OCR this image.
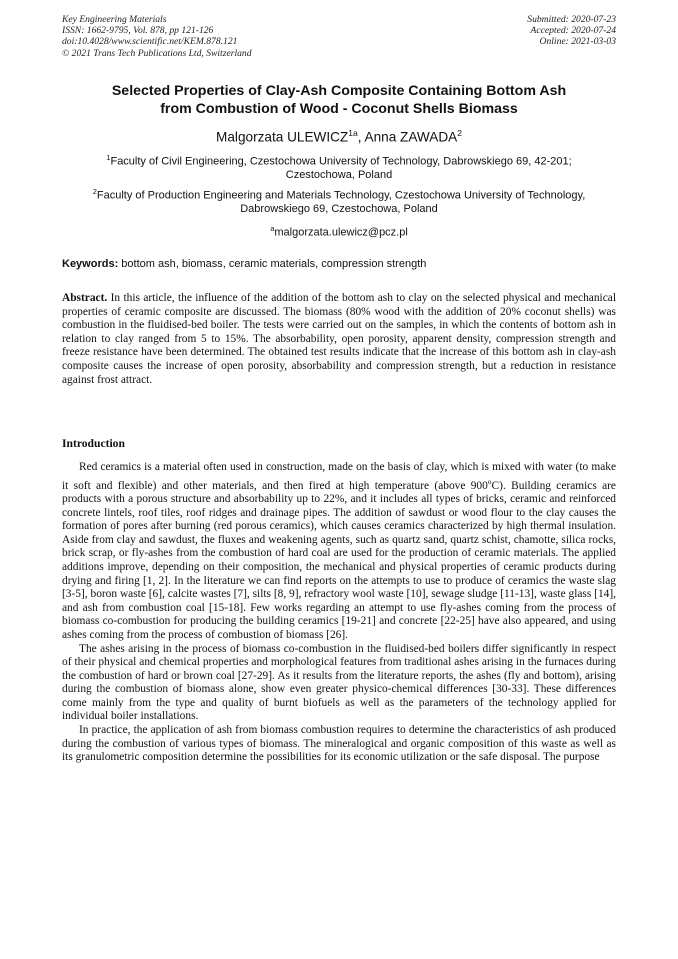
Key Engineering Materials
ISSN: 1662-9795, Vol. 878, pp 121-126
doi:10.4028/www.scientific.net/KEM.878.121
© 2021 Trans Tech Publications Ltd, Switzerland
Submitted: 2020-07-23
Accepted: 2020-07-24
Online: 2021-03-03
Selected Properties of Clay-Ash Composite Containing Bottom Ash
from Combustion of Wood - Coconut Shells Biomass
Malgorzata $ULEWICZ^{1a}$, Anna ZAWADA$^2$
$^1$Faculty of Civil Engineering, Czestochowa University of Technology, Dabrowskiego 69, 42-201; Czestochowa, Poland
$^2$Faculty of Production Engineering and Materials Technology, Czestochowa University of Technology, Dabrowskiego 69, Czestochowa, Poland
$^a$malgorzata.ulewicz@pcz.pl
Keywords: bottom ash, biomass, ceramic materials, compression strength
Abstract. In this article, the influence of the addition of the bottom ash to clay on the selected physical and mechanical properties of ceramic composite are discussed. The biomass (80% wood with the addition of 20% coconut shells) was combustion in the fluidised-bed boiler. The tests were carried out on the samples, in which the contents of bottom ash in relation to clay ranged from 5 to 15%. The absorbability, open porosity, apparent density, compression strength and freeze resistance have been determined. The obtained test results indicate that the increase of this bottom ash in clay-ash composite causes the increase of open porosity, absorbability and compression strength, but a reduction in resistance against frost attract.
Introduction

Red ceramics is a material often used in construction, made on the basis of clay, which is mixed with water (to make it soft and flexible) and other materials, and then fired at high temperature (above 900$^o$C). Building ceramics are products with a porous structure and absorbability up to 22%, and it includes all types of bricks, ceramic and reinforced concrete lintels, roof tiles, roof ridges and drainage pipes. The addition of sawdust or wood flour to the clay causes the formation of pores after burning (red porous ceramics), which causes ceramics characterized by high thermal insulation. Aside from clay and sawdust, the fluxes and weakening agents, such as quartz sand, quartz schist, chamotte, silica rocks, brick scrap, or fly-ashes from the combustion of hard coal are used for the production of ceramic materials. The applied additions improve, depending on their composition, the mechanical and physical properties of ceramic products during drying and firing [1, 2]. In the literature we can find reports on the attempts to use to produce of ceramics the waste slag [3-5], boron waste [6], calcite wastes [7], silts [8, 9], refractory wool waste [10], sewage sludge [11-13], waste glass [14], and ash from combustion coal [15-18]. Few works regarding an attempt to use fly-ashes coming from the process of biomass co-combustion for producing the building ceramics [19-21] and concrete [22-25] have also appeared, and using ashes coming from the process of combustion of biomass [26].

The ashes arising in the process of biomass co-combustion in the fluidised-bed boilers differ significantly in respect of their physical and chemical properties and morphological features from traditional ashes arising in the furnaces during the combustion of hard or brown coal [27-29]. As it results from the literature reports, the ashes (fly and bottom), arising during the combustion of biomass alone, show even greater physico-chemical differences [30-33]. These differences come mainly from the type and quality of burnt biofuels as well as the parameters of the technology applied for individual boiler installations.

In practice, the application of ash from biomass combustion requires to determine the characteristics of ash produced during the combustion of various types of biomass. The mineralogical and organic composition of this waste as well as its granulometric composition determine the possibilities for its economic utilization or the safe disposal. The purpose
